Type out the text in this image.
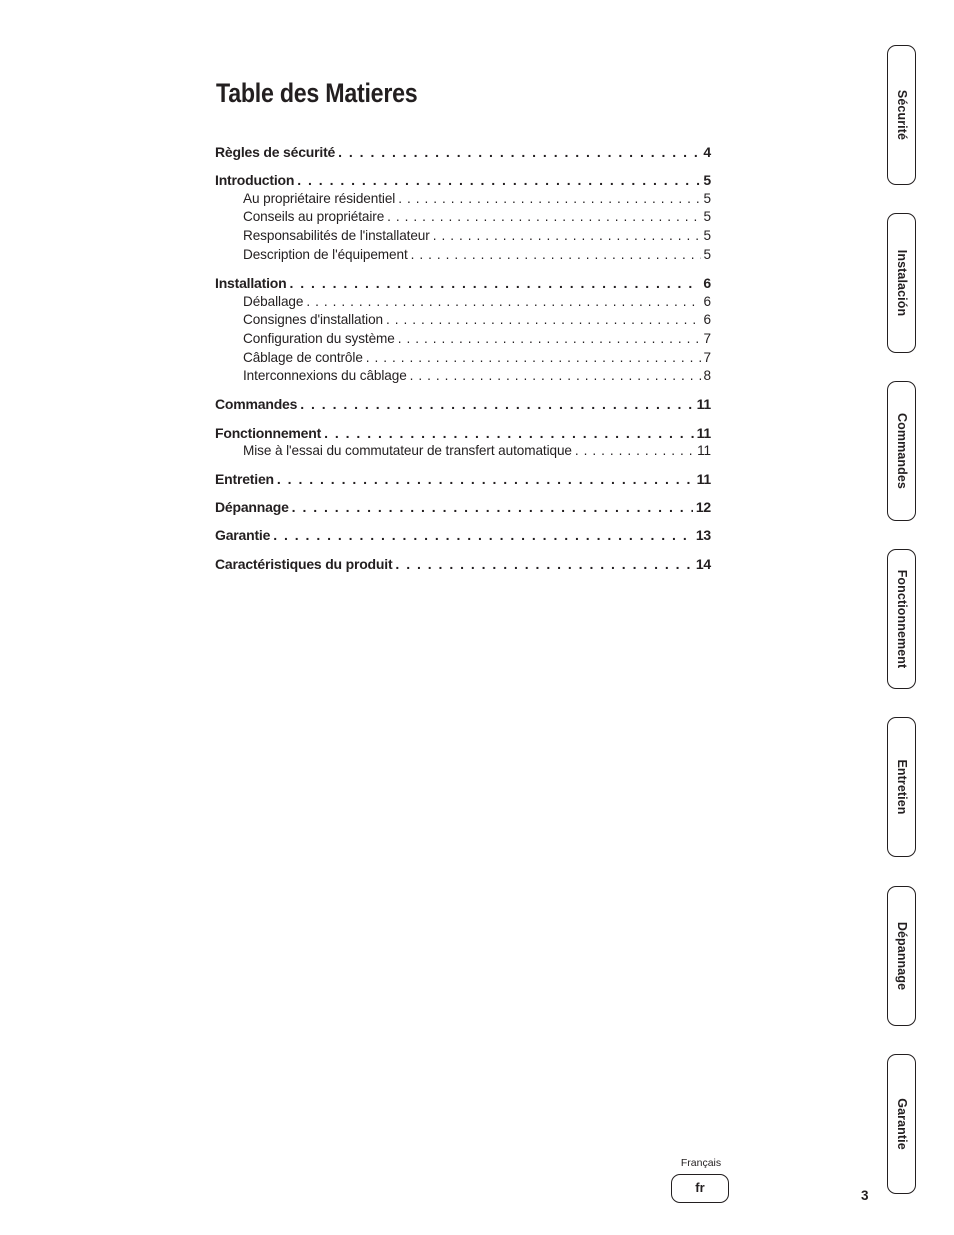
Table des Matieres
Règles de sécurité . . .	4
Introduction . . .	5
Au propriétaire résidentiel . . .	5
Conseils au propriétaire . . .	5
Responsabilités de l'installateur . . .	5
Description de l'équipement . . .	5
Installation . . .	6
Déballage . . .	6
Consignes d'installation . . .	6
Configuration du système . . .	7
Câblage de contrôle . . .	7
Interconnexions du câblage . . .	8
Commandes . . .	11
Fonctionnement . . .	11
Mise à l'essai du commutateur de transfert automatique . . .	11
Entretien . . .	11
Dépannage . . .	12
Garantie . . .	13
Caractéristiques du produit . . .	14
Sécurité
Instalación
Commandes
Fonctionnement
Entretien
Dépannage
Garantie
Français
fr
3
